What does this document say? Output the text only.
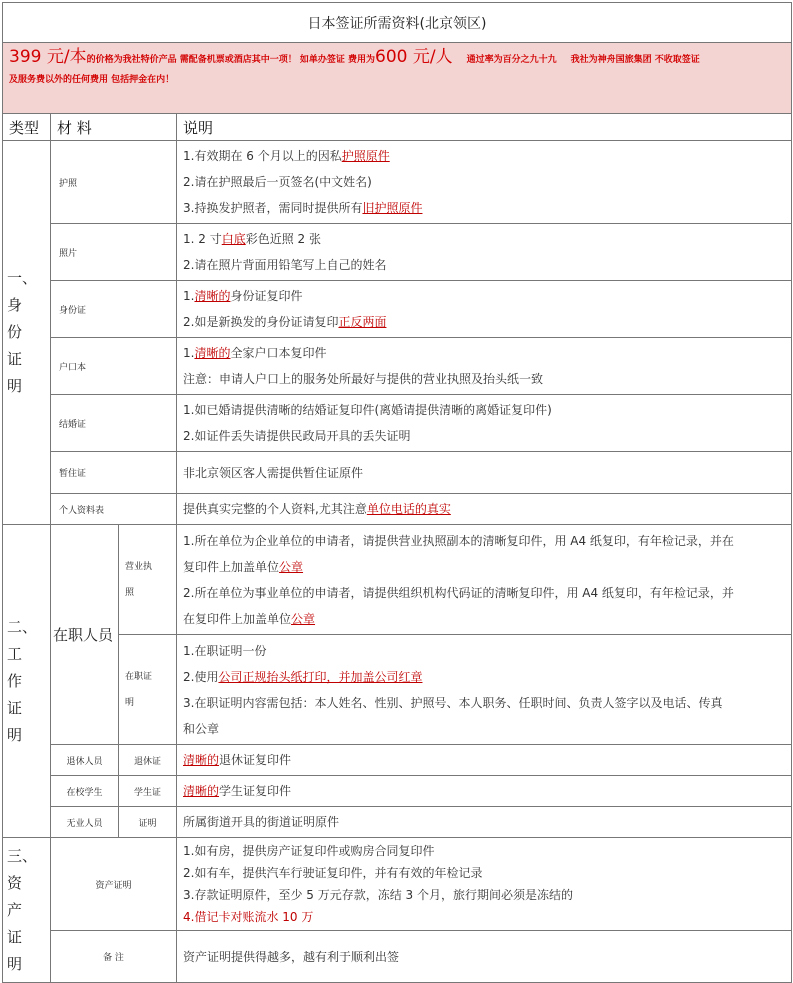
日本签证所需资料(北京领区)			
399 元/本的价格为我社特价产品 需配备机票或酒店其中一项！ 如单办签证 费用为600 元/人 通过率为百分之九十九 我社为神舟国旅集团 不收取签证
及服务费以外的任何费用 包括押金在内！			
类型	材 料		说明

一、
身
份
证
明	护照		1.有效期在 6 个月以上的因私护照原件
2.请在护照最后一页签名(中文姓名)
3.持换发护照者，需同时提供所有旧护照原件

	照片		1. 2 寸白底彩色近照 2 张
2.请在照片背面用铅笔写上自己的姓名

	身份证		1.清晰的身份证复印件
2.如是新换发的身份证请复印正反两面

	户口本		1.清晰的全家户口本复印件
注意：申请人户口上的服务处所最好与提供的营业执照及抬头纸一致

	结婚证		1.如已婚请提供清晰的结婚证复印件(离婚请提供清晰的离婚证复印件)
2.如证件丢失请提供民政局开具的丢失证明

	暂住证		非北京领区客人需提供暂住证原件

	个人资料表		提供真实完整的个人资料,尤其注意单位电话的真实

二、
工
作
证
明	在职人员	营业执
照	1.所在单位为企业单位的申请者，请提供营业执照副本的清晰复印件，用 A4 纸复印，有年检记录，并在
复印件上加盖单位公章
2.所在单位为事业单位的申请者，请提供组织机构代码证的清晰复印件，用 A4 纸复印，有年检记录，并
在复印件上加盖单位公章

		在职证
明	1.在职证明一份
2.使用公司正规抬头纸打印，并加盖公司红章
3.在职证明内容需包括：本人姓名、性别、护照号、本人职务、任职时间、负责人签字以及电话、传真
和公章

	退休人员	退休证	清晰的退休证复印件
	在校学生	学生证	清晰的学生证复印件
	无业人员	证明	所属街道开具的街道证明原件

三、
资
产
证
明	资产证明		1.如有房，提供房产证复印件或购房合同复印件
2.如有车，提供汽车行驶证复印件，并有有效的年检记录
3.存款证明原件，至少 5 万元存款，冻结 3 个月，旅行期间必须是冻结的
4.借记卡对账流水 10 万

	备 注		资产证明提供得越多，越有利于顺利出签
